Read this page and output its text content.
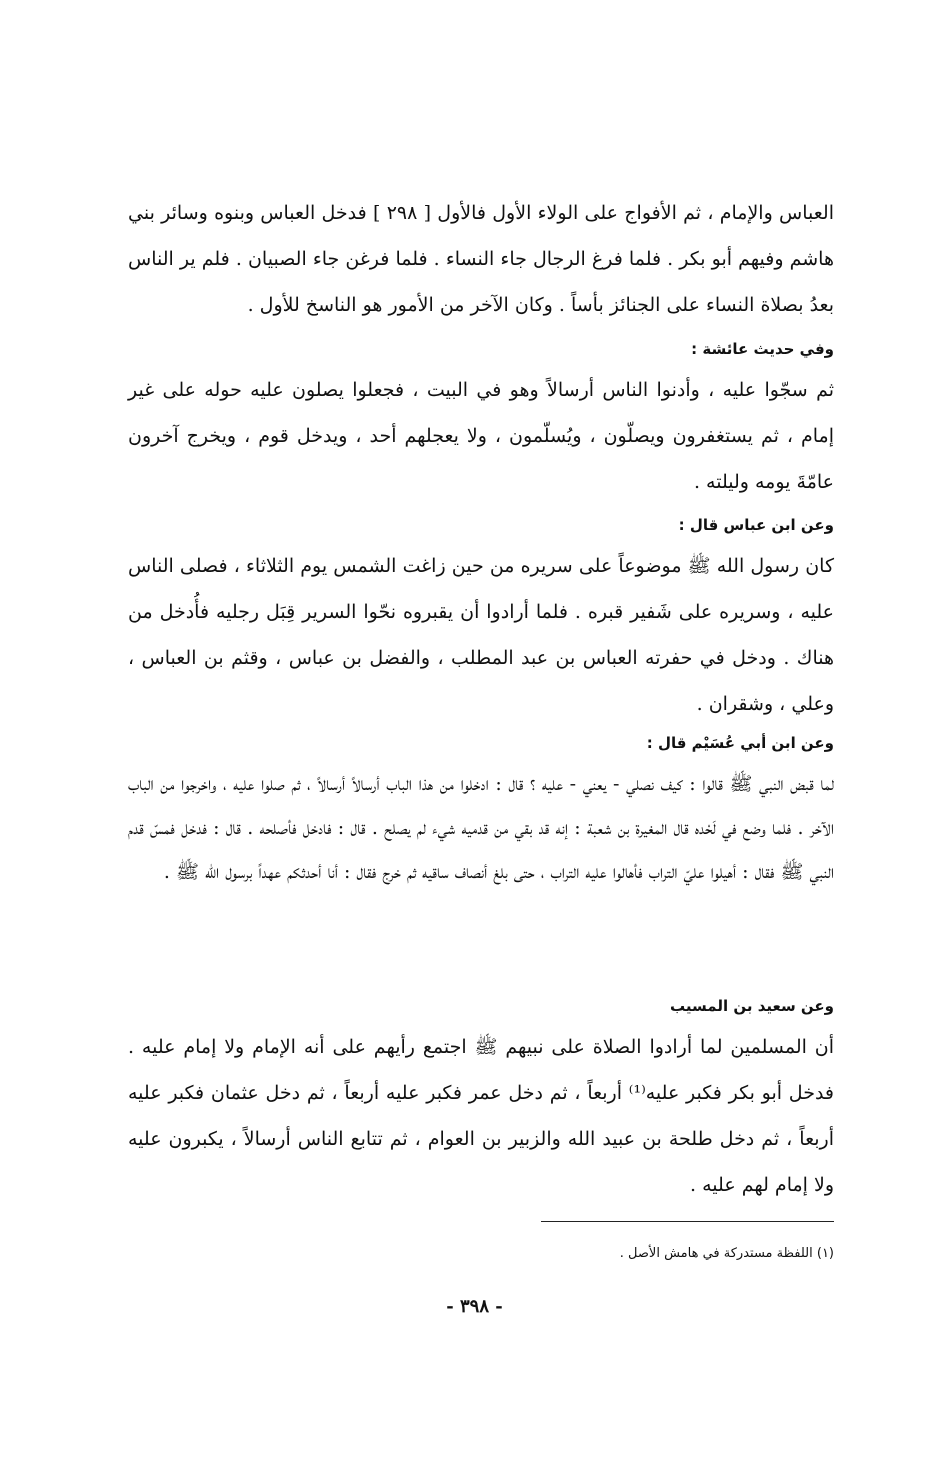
العباس والإمام ، ثم الأفواج على الولاء الأول فالأول [ ٢٩٨ ] فدخل العباس وبنوه وسائر بني هاشم وفيهم أبو بكر . فلما فرغ الرجال جاء النساء . فلما فرغن جاء الصبيان . فلم ير الناس بعدُ بصلاة النساء على الجنائز بأساً . وكان الآخر من الأمور هو الناسخ للأول .

وفي حديث عائشة :

ثم سجّوا عليه ، وأدنوا الناس أرسالاً وهو في البيت ، فجعلوا يصلون عليه حوله على غير إمام ، ثم يستغفرون ويصلّون ، ويُسلّمون ، ولا يعجلهم أحد ، ويدخل قوم ، ويخرج آخرون عامّةَ يومه وليلته .

وعن ابن عباس قال :

كان رسول الله ﷺ موضوعاً على سريره من حين زاغت الشمس يوم الثلاثاء ، فصلى الناس عليه ، وسريره على شَفير قبره . فلما أرادوا أن يقبروه نحّوا السرير قِبَل رجليه فأُدخل من هناك . ودخل في حفرته العباس بن عبد المطلب ، والفضل بن عباس ، وقثم بن العباس ، وعلي ، وشقران .

وعن ابن أبي عُسَيْم قال :

لما قبض النبي ﷺ قالوا : كيف نصلي - يعني - عليه ؟ قال : ادخلوا من هذا الباب أرسالاً أرسالاً ، ثم صلوا عليه ، واخرجوا من الباب الآخر . فلما وضع في لَحْده قال المغيرة بن شعبة : إنه قد بقي من قدميه شيء لم يصلح . قال : فادخل فأصلحه . قال : فدخل فمسّ قدم النبي ﷺ فقال : أهيلوا عليّ التراب فأهالوا عليه التراب ، حتى بلغ أنصاف ساقيه ثم خرج فقال : أنا أحدثكم عهداً برسول الله ﷺ .

وعن سعيد بن المسيب

أن المسلمين لما أرادوا الصلاة على نبيهم ﷺ اجتمع رأيهم على أنه الإمام ولا إمام عليه . فدخل أبو بكر فكبر عليه⁽¹⁾ أربعاً ، ثم دخل عمر فكبر عليه أربعاً ، ثم دخل عثمان فكبر عليه أربعاً ، ثم دخل طلحة بن عبيد الله والزبير بن العوام ، ثم تتابع الناس أرسالاً ، يكبرون عليه ولا إمام لهم عليه .

(١) اللفظة مستدركة في هامش الأصل .
- ٣٩٨ -
